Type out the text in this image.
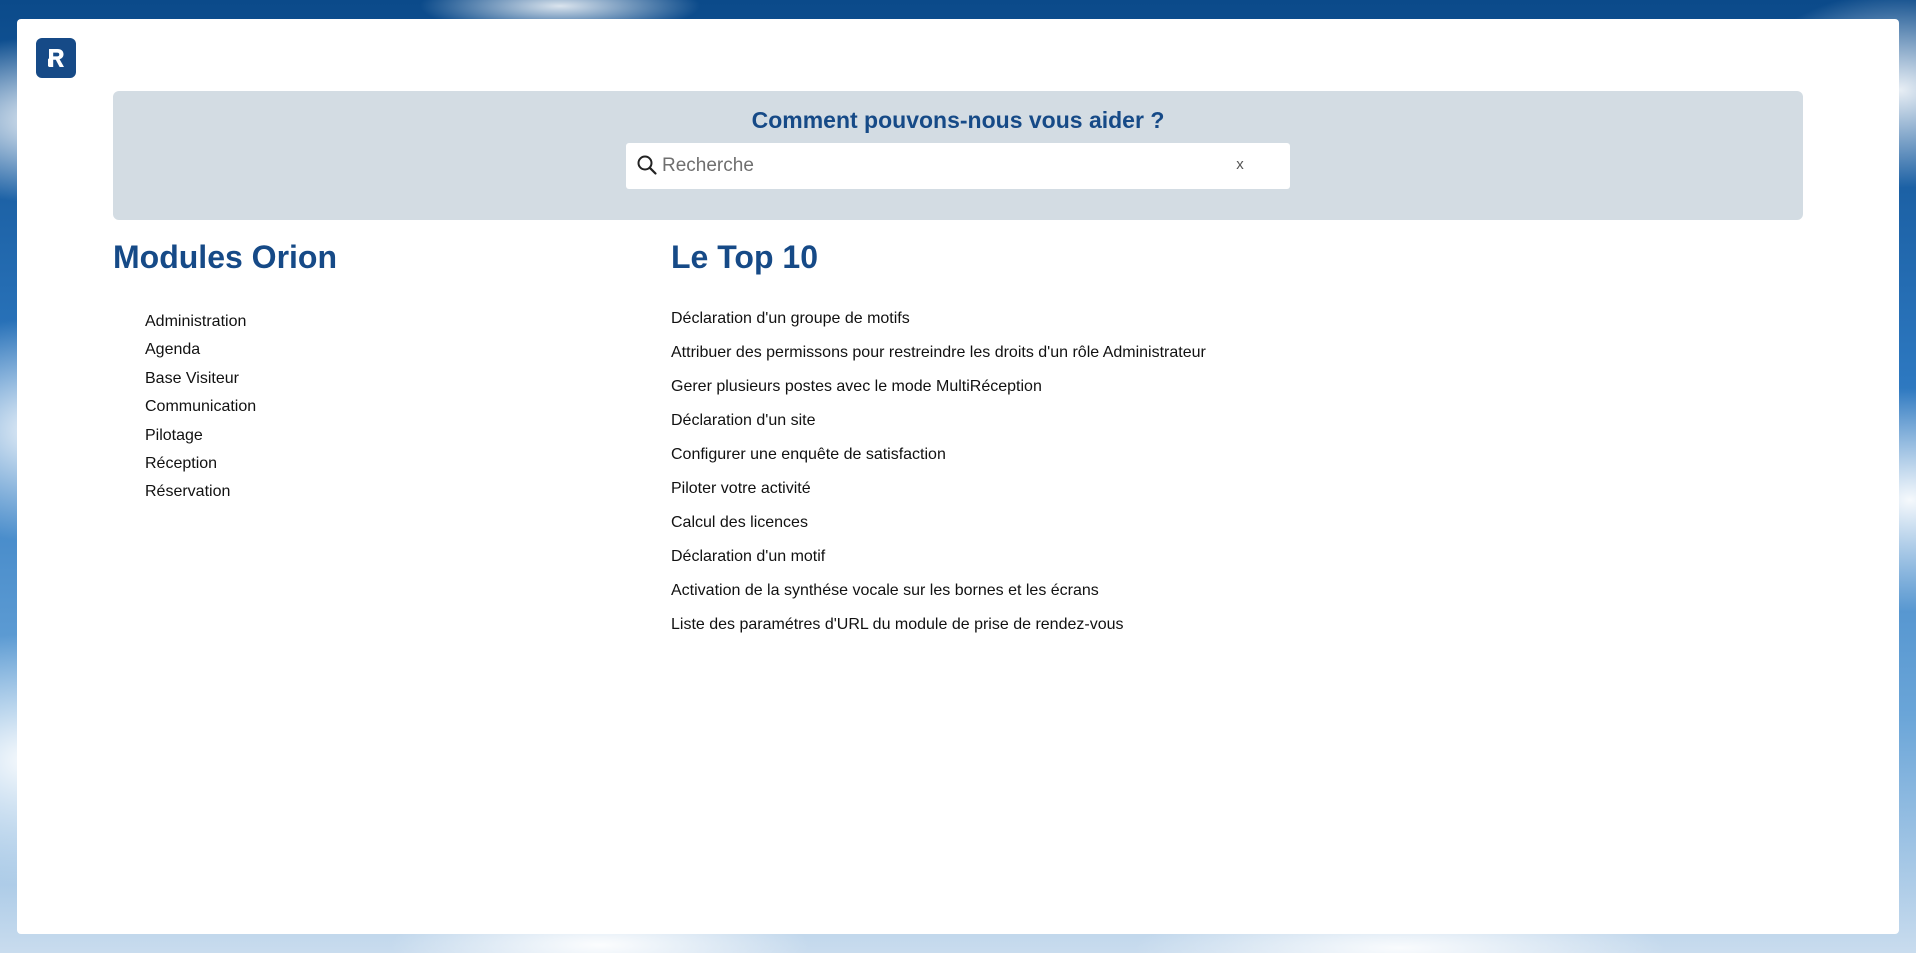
Comment pouvons-nous vous aider ?
Recherche
x
Modules Orion
Administration
Agenda
Base Visiteur
Communication
Pilotage
Réception
Réservation
Le Top 10
Déclaration d'un groupe de motifs
Attribuer des permissons pour restreindre les droits d'un rôle Administrateur
Gerer plusieurs postes avec le mode MultiRéception
Déclaration d'un site
Configurer une enquête de satisfaction
Piloter votre activité
Calcul des licences
Déclaration d'un motif
Activation de la synthése vocale sur les bornes et les écrans
Liste des paramétres d'URL du module de prise de rendez-vous
